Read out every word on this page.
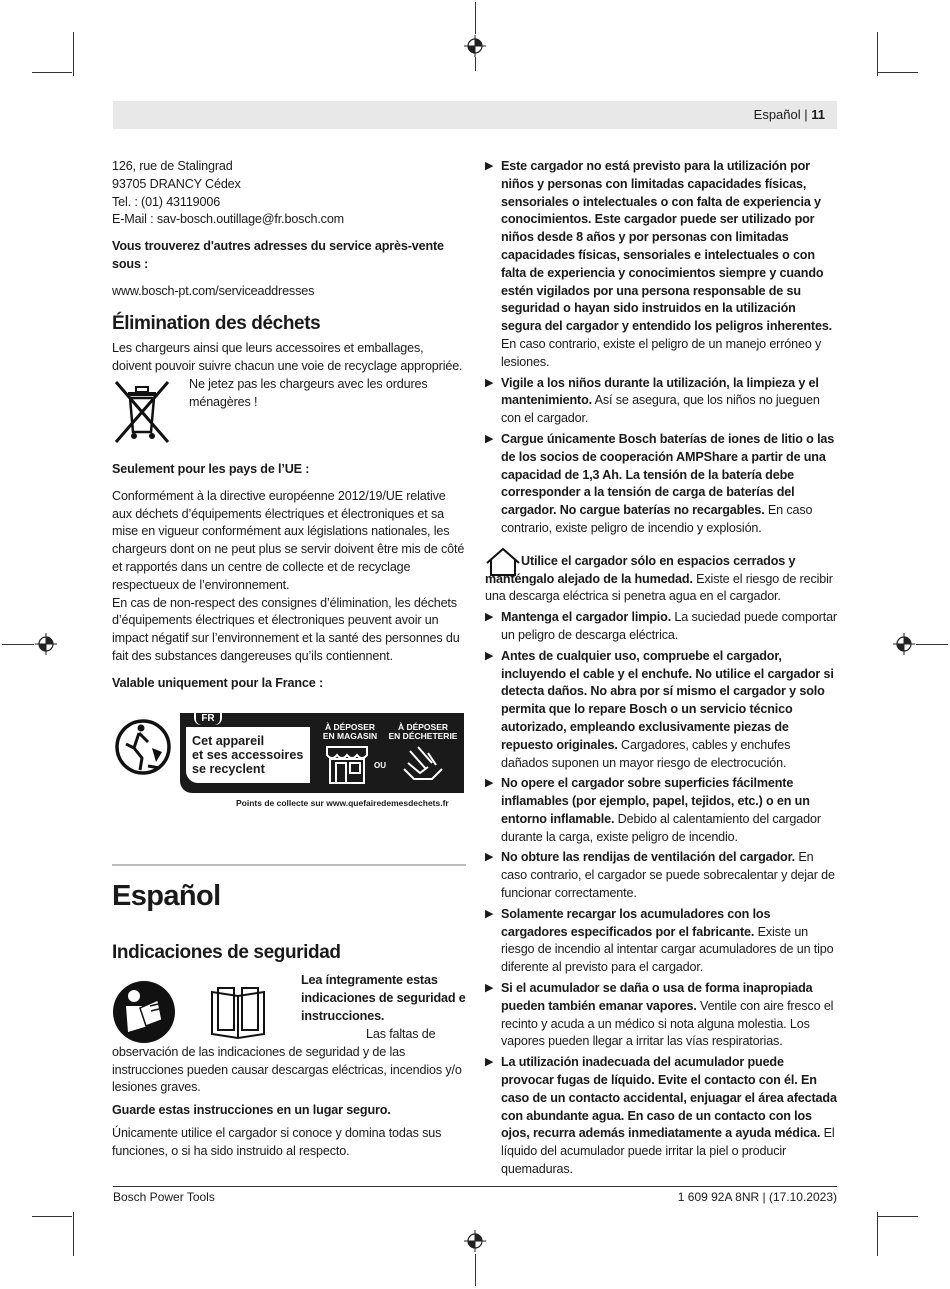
Español | 11

126, rue de Stalingrad

93705 DRANCY Cédex

Tel. : (01) 43119006

E-Mail : sav-bosch.outillage@fr.bosch.com

Vous trouverez d'autres adresses du service après-vente sous :

www.bosch-pt.com/serviceaddresses

Élimination des déchets

Les chargeurs ainsi que leurs accessoires et emballages, doivent pouvoir suivre chacun une voie de recyclage appropriée.

Ne jetez pas les chargeurs avec les ordures ménagères !

Seulement pour les pays de l’UE :

Conformément à la directive européenne 2012/19/UE relative aux déchets d’équipements électriques et électroniques et sa mise en vigueur conformément aux législations nationales, les chargeurs dont on ne peut plus se servir doivent être mis de côté et rapportés dans un centre de collecte et de recyclage respectueux de l’environnement.

En cas de non-respect des consignes d’élimination, les déchets d’équipements électriques et électroniques peuvent avoir un impact négatif sur l’environnement et la santé des personnes du fait des substances dangereuses qu’ils contiennent.

Valable uniquement pour la France :

FR
Cet appareil
et ses accessoires
se recyclent
À DÉPOSER
EN MAGASIN
À DÉPOSER
EN DÉCHETERIE
OU
Points de collecte sur www.quefairedemesdechets.fr
Español
Indicaciones de seguridad

Lea íntegramente estas indicaciones de seguridad e instrucciones.

Las faltas de observación de las indicaciones de seguridad y de las instrucciones pueden causar descargas eléctricas, incendios y/o lesiones graves.

Guarde estas instrucciones en un lugar seguro.

Únicamente utilice el cargador si conoce y domina todas sus funciones, o si ha sido instruido al respecto.

▶ Este cargador no está previsto para la utilización por niños y personas con limitadas capacidades físicas, sensoriales o intelectuales o con falta de experiencia y conocimientos. Este cargador puede ser utilizado por niños desde 8 años y por personas con limitadas capacidades físicas, sensoriales e intelectuales o con falta de experiencia y conocimientos siempre y cuando estén vigilados por una persona responsable de su seguridad o hayan sido instruidos en la utilización segura del cargador y entendido los peligros inherentes. En caso contrario, existe el peligro de un manejo erróneo y lesiones.
▶ Vigile a los niños durante la utilización, la limpieza y el mantenimiento. Así se asegura, que los niños no jueguen con el cargador.
▶ Cargue únicamente Bosch baterías de iones de litio o las de los socios de cooperación AMPShare a partir de una capacidad de 1,3 Ah. La tensión de la batería debe corresponder a la tensión de carga de baterías del cargador. No cargue baterías no recargables. En caso contrario, existe peligro de incendio y explosión.

Utilice el cargador sólo en espacios cerrados y manténgalo alejado de la humedad. Existe el riesgo de recibir una descarga eléctrica si penetra agua en el cargador.

▶ Mantenga el cargador limpio. La suciedad puede comportar un peligro de descarga eléctrica.
▶ Antes de cualquier uso, compruebe el cargador, incluyendo el cable y el enchufe. No utilice el cargador si detecta daños. No abra por sí mismo el cargador y solo permita que lo repare Bosch o un servicio técnico autorizado, empleando exclusivamente piezas de repuesto originales. Cargadores, cables y enchufes dañados suponen un mayor riesgo de electrocución.
▶ No opere el cargador sobre superficies fácilmente inflamables (por ejemplo, papel, tejidos, etc.) o en un entorno inflamable. Debido al calentamiento del cargador durante la carga, existe peligro de incendio.
▶ No obture las rendijas de ventilación del cargador. En caso contrario, el cargador se puede sobrecalentar y dejar de funcionar correctamente.
▶ Solamente recargar los acumuladores con los cargadores especificados por el fabricante. Existe un riesgo de incendio al intentar cargar acumuladores de un tipo diferente al previsto para el cargador.
▶ Si el acumulador se daña o usa de forma inapropiada pueden también emanar vapores. Ventile con aire fresco el recinto y acuda a un médico si nota alguna molestia. Los vapores pueden llegar a irritar las vías respiratorias.
▶ La utilización inadecuada del acumulador puede provocar fugas de líquido. Evite el contacto con él. En caso de un contacto accidental, enjuagar el área afectada con abundante agua. En caso de un contacto con los ojos, recurra además inmediatamente a ayuda médica. El líquido del acumulador puede irritar la piel o producir quemaduras.
Bosch Power Tools	1 609 92A 8NR | (17.10.2023)
